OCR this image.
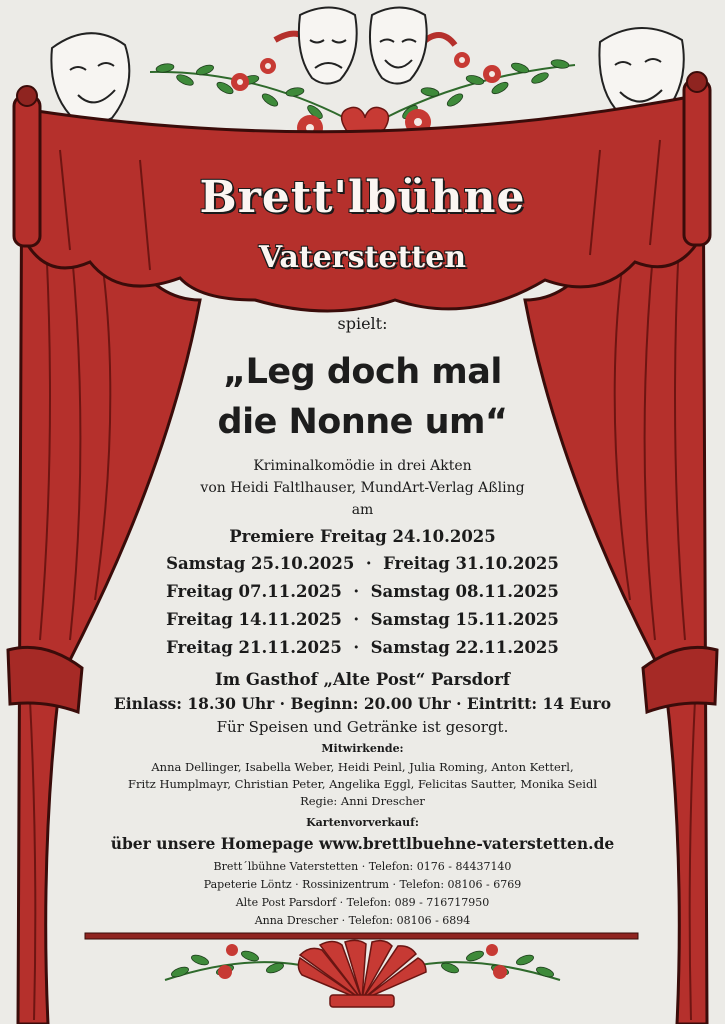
Brett'lbühne
Vaterstetten
spielt:
„Leg doch mal
die Nonne um“
Kriminalkomödie in drei Akten
von Heidi Faltlhauser, MundArt-Verlag Aßling
am
Premiere Freitag 24.10.2025
Samstag 25.10.2025  ·  Freitag 31.10.2025
Freitag 07.11.2025  ·  Samstag 08.11.2025
Freitag 14.11.2025  ·  Samstag 15.11.2025
Freitag 21.11.2025  ·  Samstag 22.11.2025
Im Gasthof „Alte Post“ Parsdorf
Einlass: 18.30 Uhr · Beginn: 20.00 Uhr · Eintritt: 14 Euro
Für Speisen und Getränke ist gesorgt.
Mitwirkende:
Anna Dellinger, Isabella Weber, Heidi Peinl, Julia Roming, Anton Ketterl,
Fritz Humplmayr, Christian Peter, Angelika Eggl, Felicitas Sautter, Monika Seidl
Regie: Anni Drescher
Kartenvorverkauf:
über unsere Homepage www.brettlbuehne-vaterstetten.de
Brett´lbühne Vaterstetten · Telefon: 0176 - 84437140
Papeterie Löntz · Rossinizentrum · Telefon: 08106 - 6769
Alte Post Parsdorf · Telefon: 089 - 716717950
Anna Drescher · Telefon: 08106 - 6894
